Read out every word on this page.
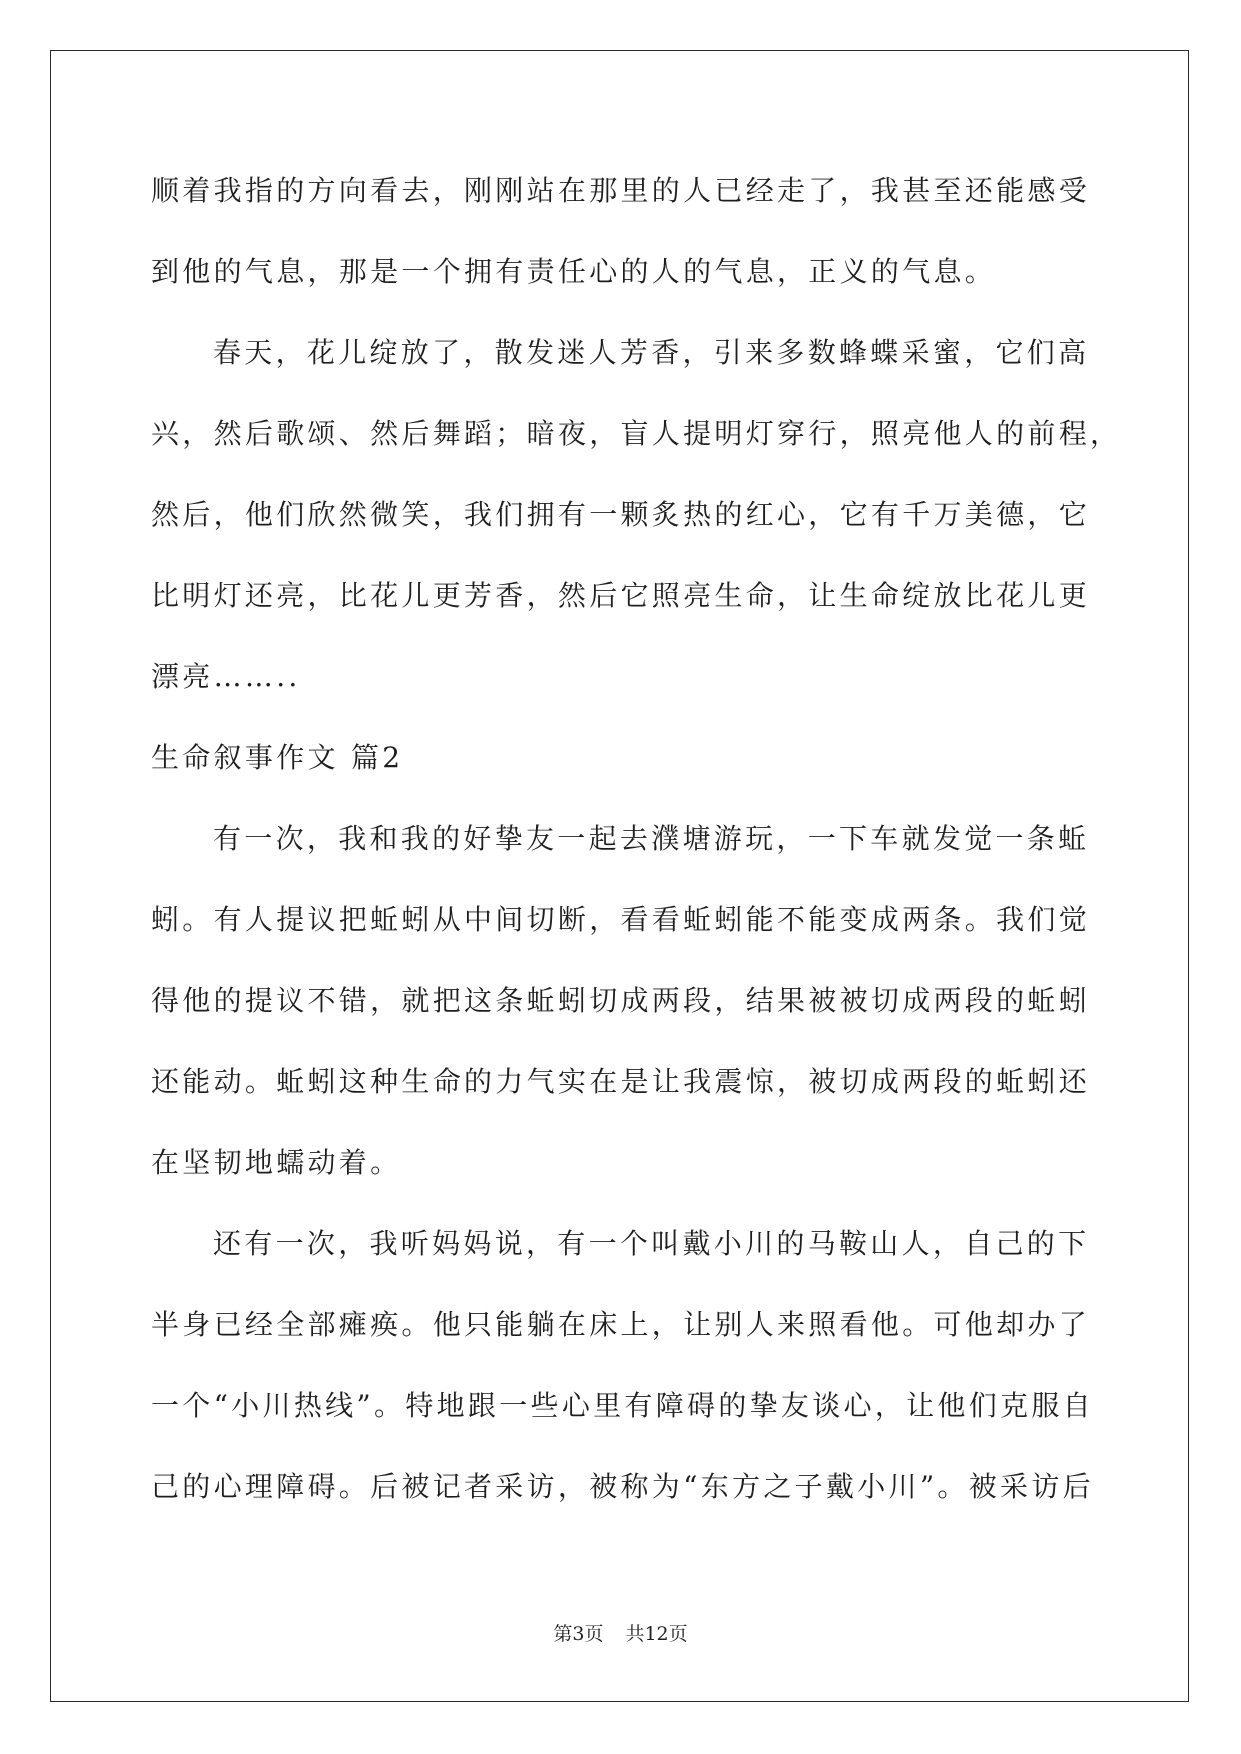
顺着我指的方向看去，刚刚站在那里的人已经走了，我甚至还能感受
到他的气息，那是一个拥有责任心的人的气息，正义的气息。
春天，花儿绽放了，散发迷人芳香，引来多数蜂蝶采蜜，它们高
兴，然后歌颂、然后舞蹈；暗夜，盲人提明灯穿行，照亮他人的前程，
然后，他们欣然微笑，我们拥有一颗炙热的红心，它有千万美德，它
比明灯还亮，比花儿更芳香，然后它照亮生命，让生命绽放比花儿更
漂亮……..
生命叙事作文 篇2
有一次，我和我的好挚友一起去濮塘游玩，一下车就发觉一条蚯
蚓。有人提议把蚯蚓从中间切断，看看蚯蚓能不能变成两条。我们觉
得他的提议不错，就把这条蚯蚓切成两段，结果被被切成两段的蚯蚓
还能动。蚯蚓这种生命的力气实在是让我震惊，被切成两段的蚯蚓还
在坚韧地蠕动着。
还有一次，我听妈妈说，有一个叫戴小川的马鞍山人，自己的下
半身已经全部瘫痪。他只能躺在床上，让别人来照看他。可他却办了
一个“小川热线”。特地跟一些心里有障碍的挚友谈心，让他们克服自
己的心理障碍。后被记者采访，被称为“东方之子戴小川”。被采访后
第3页 共12页
